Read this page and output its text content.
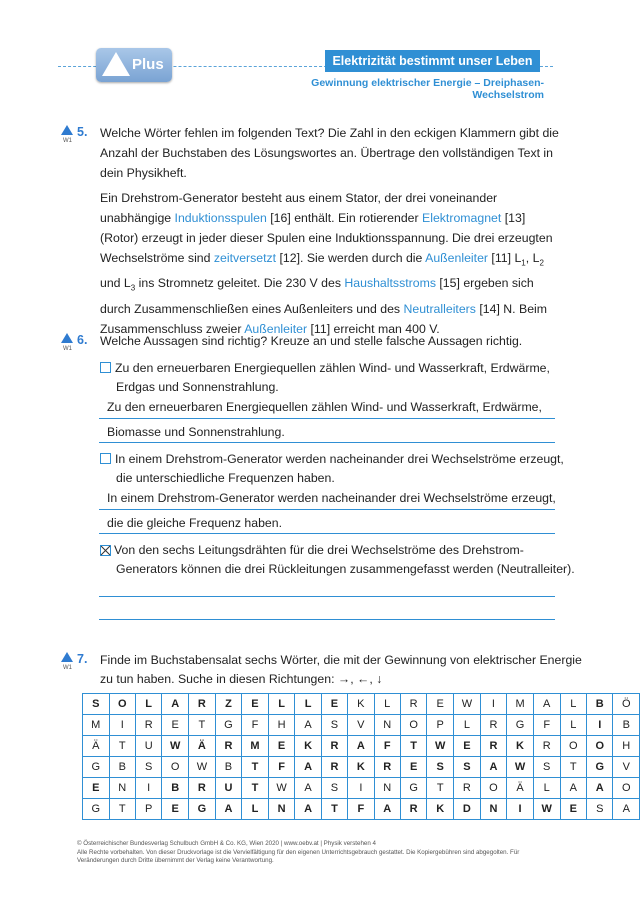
Plus	Elektrizität bestimmt unser Leben
Gewinnung elektrischer Energie – Dreiphasen-Wechselstrom
W1
5. Welche Wörter fehlen im folgenden Text? Die Zahl in den eckigen Klammern gibt die Anzahl der Buchstaben des Lösungswortes an. Übertrage den vollständigen Text in dein Physikheft.
Ein Drehstrom-Generator besteht aus einem Stator, der drei voneinander unabhängige Induktionsspulen [16] enthält. Ein rotierender Elektromagnet [13] (Rotor) erzeugt in jeder dieser Spulen eine Induktionsspannung. Die drei erzeugten Wechselströme sind zeitversetzt [12]. Sie werden durch die Außenleiter [11] $L_1$, $L_2$ und $L_3$ ins Stromnetz geleitet. Die 230 V des Haushaltsstroms [15] ergeben sich durch Zusammenschließen eines Außenleiters und des Neutralleiters [14] N. Beim Zusammenschluss zweier Außenleiter [11] erreicht man 400 V.
W1
6. Welche Aussagen sind richtig? Kreuze an und stelle falsche Aussagen richtig.
Zu den erneuerbaren Energiequellen zählen Wind- und Wasserkraft, Erdwärme,
Erdgas und Sonnenstrahlung.
Zu den erneuerbaren Energiequellen zählen Wind- und Wasserkraft, Erdwärme,
Biomasse und Sonnenstrahlung.
In einem Drehstrom-Generator werden nacheinander drei Wechselströme erzeugt,
die unterschiedliche Frequenzen haben.
In einem Drehstrom-Generator werden nacheinander drei Wechselströme erzeugt,
die die gleiche Frequenz haben.
Von den sechs Leitungsdrähten für die drei Wechselströme des Drehstrom-
Generators können die drei Rückleitungen zusammengefasst werden (Neutralleiter).
W1
7. Finde im Buchstabensalat sechs Wörter, die mit der Gewinnung von elektrischer Energie
zu tun haben. Suche in diesen Richtungen: →, ←, ↓
S	O	L	A	R	Z	E	L	L	E	K	L	R	E	W	I	M	A	L	B	Ö
M	I	R	E	T	G	F	H	A	S	V	N	O	P	L	R	G	F	L	I	B
Ä	T	U	W	Ä	R	M	E	K	R	A	F	T	W	E	R	K	R	O	O	H
G	B	S	O	W	B	T	F	A	R	K	R	E	S	S	A	W	S	T	G	V
E	N	I	B	R	U	T	W	A	S	I	N	G	T	R	O	Ä	L	A	A	O
G	T	P	E	G	A	L	N	A	T	F	A	R	K	D	N	I	W	E	S	A
© Österreichischer Bundesverlag Schulbuch GmbH & Co. KG, Wien 2020 | www.oebv.at | Physik verstehen 4
Alle Rechte vorbehalten. Von dieser Druckvorlage ist die Vervielfältigung für den eigenen Unterrichtsgebrauch gestattet. Die Kopiergebühren sind abgegolten. Für
Veränderungen durch Dritte übernimmt der Verlag keine Verantwortung.
